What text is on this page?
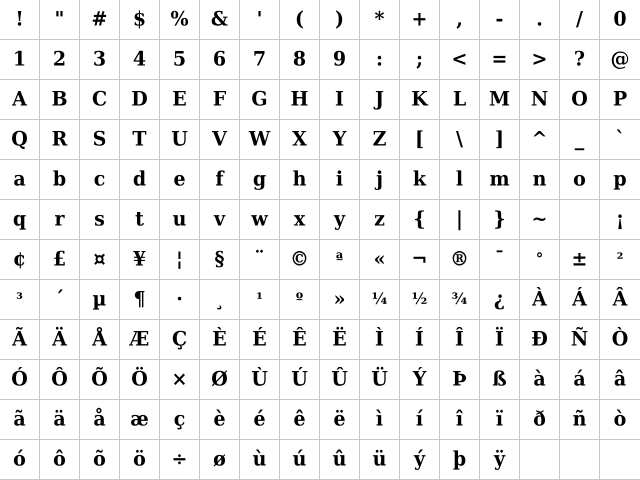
! " # $ % & ' ( ) * + , - . / 0
1 2 3 4 5 6 7 8 9 : ; < = > ? @
A B C D E F G H I J K L M N O P
Q R S T U V W X Y Z [ \ ] ^ _ `
a b c d e f g h i j k l m n o p
q r s t u v w x y z { | } ~	¡
¢ £ ¤ ¥ ¦ § ¨ © ª « ¬ ® ¯ ° ± ²
³ ´ µ ¶ · ¸ ¹ º » ¼ ½ ¾ ¿ À Á Â
Ã Ä Å Æ Ç È É Ê Ë Ì Í Î Ï Ð Ñ Ò
Ó Ô Õ Ö × Ø Ù Ú Û Ü Ý Þ ß à á â
ã ä å æ ç è é ê ë ì í î ï ð ñ ò
ó ô õ ö ÷ ø ù ú û ü ý þ ÿ
